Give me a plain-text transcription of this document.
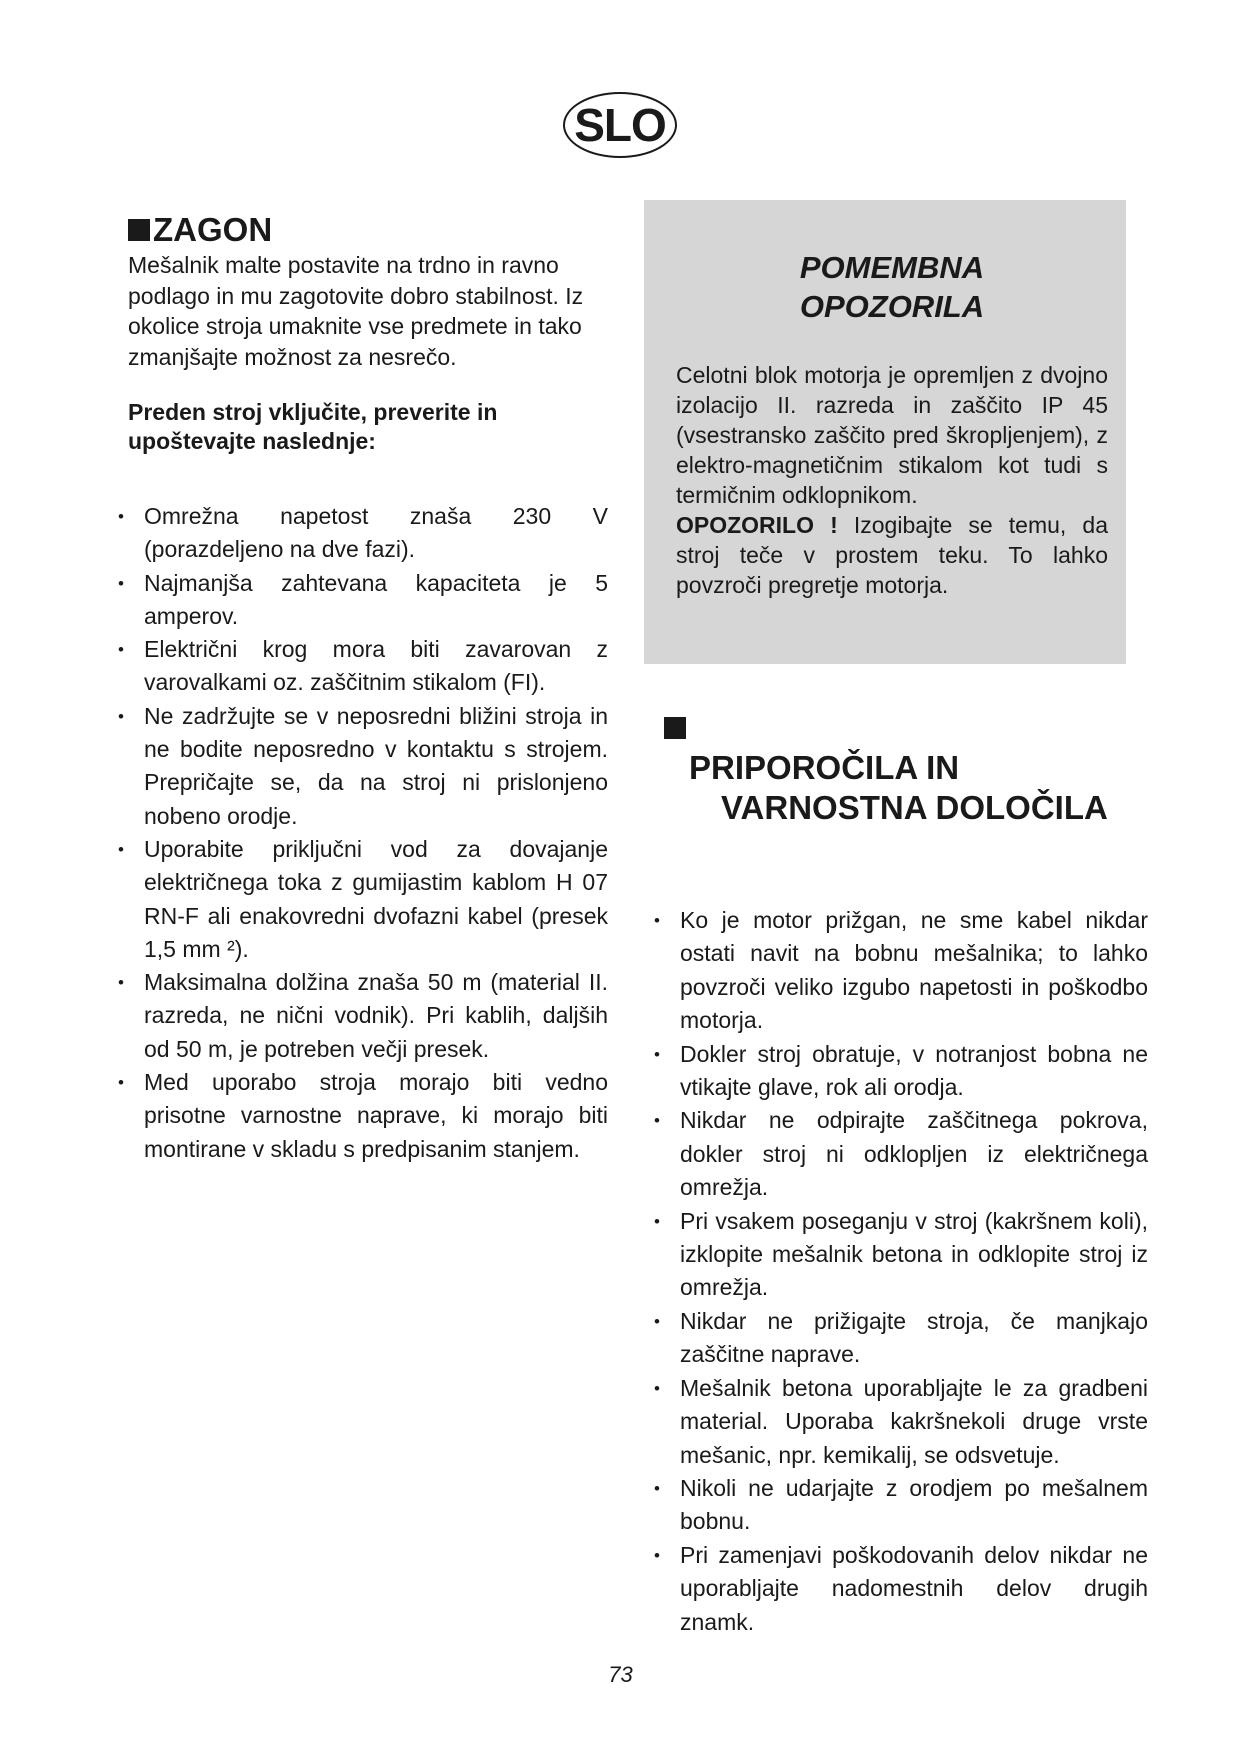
SLO
ZAGON

Mešalnik malte postavite na trdno in ravno podlago in mu zagotovite dobro stabilnost. Iz okolice stroja umaknite vse predmete in tako zmanjšajte možnost za nesrečo.

Preden stroj vključite, preverite in upoštevajte naslednje:

• Omrežna napetost znaša 230 V (porazdeljeno na dve fazi).
• Najmanjša zahtevana kapaciteta je 5 amperov.
• Električni krog mora biti zavarovan z varovalkami oz. zaščitnim stikalom (FI).
• Ne zadržujte se v neposredni bližini stroja in ne bodite neposredno v kontaktu s strojem. Prepričajte se, da na stroj ni prislonjeno nobeno orodje.
• Uporabite priključni vod za dovajanje električnega toka z gumijastim kablom H 07 RN-F ali enakovredni dvofazni kabel (presek 1,5 mm ²).
• Maksimalna dolžina znaša 50 m (material II. razreda, ne nični vodnik). Pri kablih, daljših od 50 m, je potreben večji presek.
• Med uporabo stroja morajo biti vedno prisotne varnostne naprave, ki morajo biti montirane v skladu s predpisanim stanjem.
POMEMBNA
OPOZORILA
Celotni blok motorja je opremljen z dvojno izolacijo II. razreda in zaščito IP 45 (vsestransko zaščito pred škropljenjem), z elektro-magnetičnim stikalom kot tudi s termičnim odklopnikom.
OPOZORILO ! Izogibajte se temu, da stroj teče v prostem teku. To lahko povzroči pregretje motorja.

PRIPOROČILA IN

VARNOSTNA DOLOČILA

• Ko je motor prižgan, ne sme kabel nikdar ostati navit na bobnu mešalnika; to lahko povzroči veliko izgubo napetosti in poškodbo motorja.
• Dokler stroj obratuje, v notranjost bobna ne vtikajte glave, rok ali orodja.
• Nikdar ne odpirajte zaščitnega pokrova, dokler stroj ni odklopljen iz električnega omrežja.
• Pri vsakem poseganju v stroj (kakršnem koli), izklopite mešalnik betona in odklopite stroj iz omrežja.
• Nikdar ne prižigajte stroja, če manjkajo zaščitne naprave.
• Mešalnik betona uporabljajte le za gradbeni material. Uporaba kakršnekoli druge vrste mešanic, npr. kemikalij, se odsvetuje.
• Nikoli ne udarjajte z orodjem po mešalnem bobnu.
• Pri zamenjavi poškodovanih delov nikdar ne uporabljajte nadomestnih delov drugih znamk.
73
